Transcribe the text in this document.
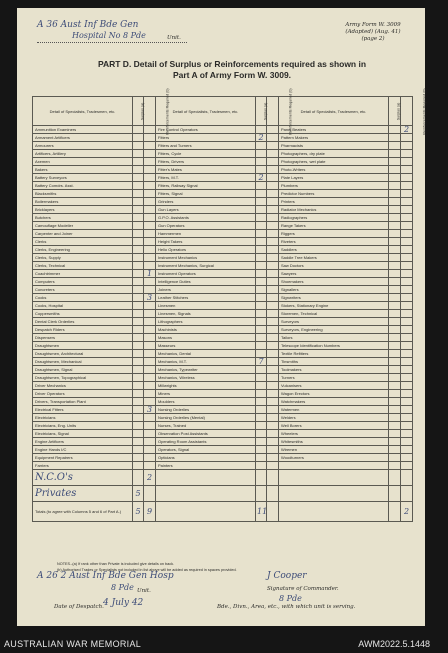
A 36 Aust Inf Bde Gen
Hospital No 8 Pde	Unit.
Army Form W. 3009
(Adapted) (Aug. 41)
(page 2)
PART D. Detail of Surplus or Reinforcements required as shown in
Part A of Army Form W. 3009.
Detail of Specialists, Tradesmen, etc.	Surplus (a)	Reinforcements Required (b)	Detail of Specialists, Tradesmen, etc.	Surplus (a)	Reinforcements Required (b)	Detail of Specialists, Tradesmen, etc.	Surplus (a)	Reinforcements Required (b)
Ammunition Examiners			Fire Control Operators			Panel Beaters		2
Armament Artificers			Fitters	2		Pattern Makers		
Armourers			Fitters and Turners			Pharmacists		
Artificers, Artillery			Fitters, Cycle			Photographers, dry plate		
Axemen			Fitters, Drivers			Photographers, wet plate		
Bakers			Fitter's Mates			Photo-Writers		
Battery Surveyors			Fitters, M.T.	2		Plate Layers		
Battery Comdrs. Asst.			Fitters, Railway Signal			Plumbers		
Blacksmiths			Fitters, Signal			Predictor Numbers		
Boilermakers			Grinders			Printers		
Bricklayers			Gun Layers			Radiator Mechanics		
Butchers			G.P.O. Assistants			Radiographers		
Camouflage Modeller			Gun Operators			Range Takers		
Carpenter and Joiner			Hammermen			Riggers		
Clerks			Height Takers			Riveters		
Clerks, Engineering			Helio Operators			Saddlers		
Clerks, Supply			Instrument Mechanics			Saddle Tree Makers		
Clerks, Technical			Instrument Mechanics, Surgical			Saw Doctors		
Coachtrimmer		1	Instrument Operators			Sawyers		
Computers			Intelligence Duties			Shoemakers		
Concreters			Joiners			Signallers		
Cooks		3	Leather Stitchers			Signwriters		
Cooks, Hospital			Linesmen			Stokers, Stationary Engine		
Coppersmiths			Linesmen, Signals			Storemen, Technical		
Dental Clerk Orderlies			Lithographers			Surveyors		
Despatch Riders			Machinists			Surveyors, Engineering		
Dispensers			Masons			Tailors		
Draughtsmen			Masseurs			Telescope Identification Numbers		
Draughtsmen, Architectural			Mechanics, Dental			Textile Refitters		
Draughtsmen, Mechanical			Mechanics, M.T.	7		Tinsmiths		
Draughtsmen, Signal			Mechanics, Typewriter			Toolmakers		
Draughtsmen, Topographical			Mechanics, Wireless			Turners		
Driver Mechanics			Millwrights			Vulcanisers		
Driver Operators			Miners			Wagon Erectors		
Drivers, Transportation Plant			Moulders			Watchmakers		
Electrical Fitters		3	Nursing Orderlies			Watermen		
Electricians			Nursing Orderlies (Mental)			Welders		
Electricians, Eng. Units			Nurses, Trained			Well Borers		
Electricians, Signal			Observation Post Assistants			Wheelers		
Engine Artificers			Operating Room Assistants			Whitesmiths		
Engine Hands I/C			Operators, Signal			Wiremen		
Equipment Repairers			Opticians			Woodturners		
Farriers			Painters					
N.C.O's		2						
Privates	5							
Totals (to agree with Columns 5 and 6 of Part A.)	5	9		11				2
NOTES.-(a) If rank other than Private is included give details on back.
(b) Authorised Trades or Specialists not included in list above will be added as required in spaces provided.
A 26 2 Aust Inf Bde Gen Hosp
8 Pde Unit.
J Cooper
Signature of Commander.
8 Pde
Date of Despatch. 4 July 42	Bde., Divn., Area, etc., with which unit is serving.
AUSTRALIAN WAR MEMORIAL	AWM2022.5.1448
